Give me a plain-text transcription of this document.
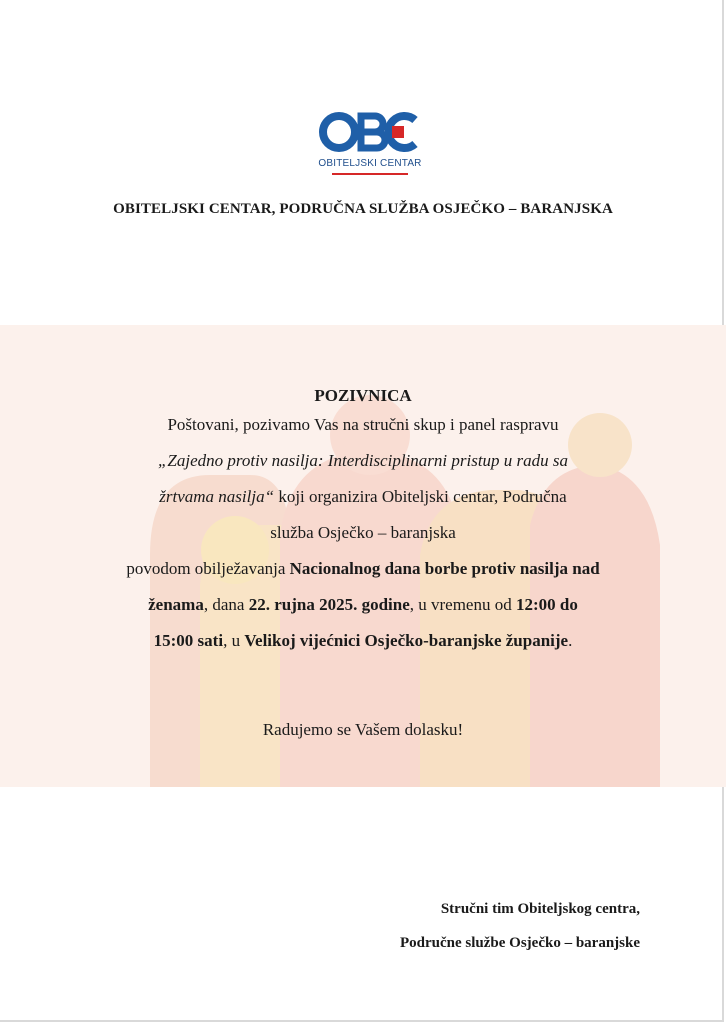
OBITELJSKI CENTAR
OBITELJSKI CENTAR, PODRUČNA SLUŽBA OSJEČKO – BARANJSKA
POZIVNICA

Poštovani, pozivamo Vas na stručni skup i panel raspravu

„Zajedno protiv nasilja: Interdisciplinarni pristup u radu sa

žrtvama nasilja“ koji organizira Obiteljski centar, Područna

služba Osječko – baranjska

povodom obilježavanja Nacionalnog dana borbe protiv nasilja nad

ženama, dana 22. rujna 2025. godine, u vremenu od 12:00 do

15:00 sati, u Velikoj vijećnici Osječko-baranjske županije.

Radujemo se Vašem dolasku!
Stručni tim Obiteljskog centra,
Područne službe Osječko – baranjske
